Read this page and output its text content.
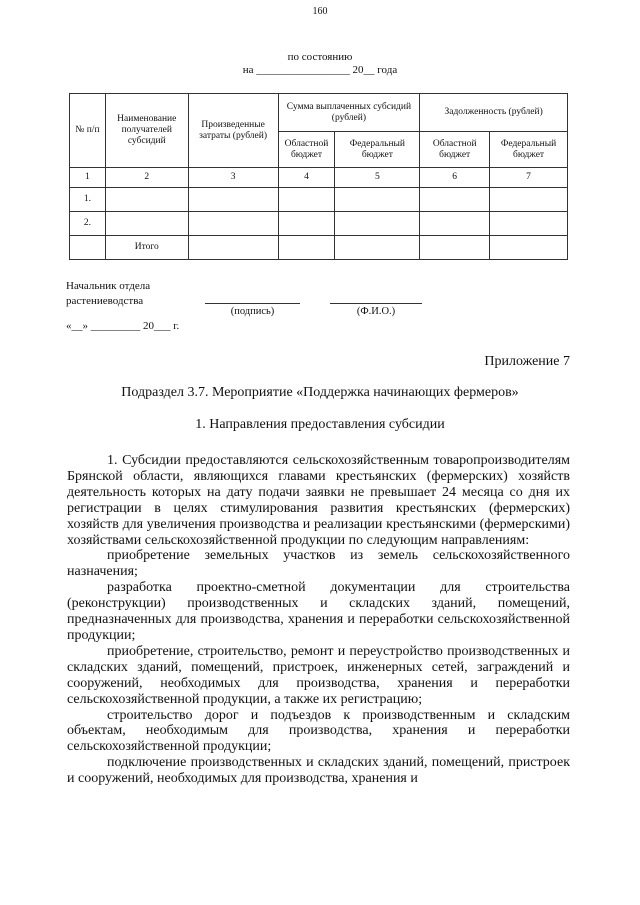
160
по состоянию
на _________________ 20__ года
№ п/п	Наименование получателей субсидий	Произведенные затраты (рублей)	Сумма выплаченных субсидий (рублей)		Задолженность (рублей)	
			Областной бюджет	Федеральный бюджет	Областной бюджет	Федеральный бюджет
1	2	3	4	5	6	7
1.						
2.						
	Итого					
Начальник отдела
растениеводства
(подпись)	(Ф.И.О.)
«__» _________ 20___ г.
Приложение 7
Подраздел 3.7. Мероприятие «Поддержка начинающих фермеров»
1. Направления предоставления субсидии

1. Субсидии предоставляются сельскохозяйственным товаропроизводителям Брянской области, являющихся главами крестьянских (фермерских) хозяйств деятельность которых на дату подачи заявки не превышает 24 месяца со дня их регистрации в целях стимулирования развития крестьянских (фермерских) хозяйств для увеличения производства и реализации крестьянскими (фермерскими) хозяйствами сельскохозяйственной продукции по следующим направлениям:

приобретение земельных участков из земель сельскохозяйственного назначения;

разработка проектно-сметной документации для строительства (реконструкции) производственных и складских зданий, помещений, предназначенных для производства, хранения и переработки сельскохозяйственной продукции;

приобретение, строительство, ремонт и переустройство производственных и складских зданий, помещений, пристроек, инженерных сетей, заграждений и сооружений, необходимых для производства, хранения и переработки сельскохозяйственной продукции, а также их регистрацию;

строительство дорог и подъездов к производственным и складским объектам, необходимым для производства, хранения и переработки сельскохозяйственной продукции;

подключение производственных и складских зданий, помещений, пристроек и сооружений, необходимых для производства, хранения и
